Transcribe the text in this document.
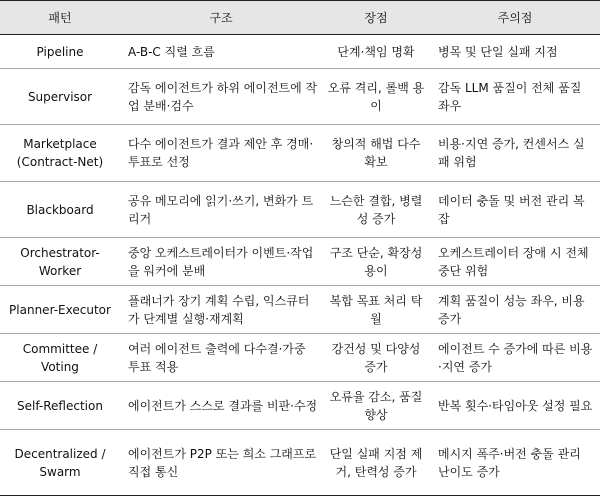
패턴	구조	장점	주의점
Pipeline	A-B-C 직렬 흐름	단계·책임 명확	병목 및 단일 실패 지점
Supervisor	감독 에이전트가 하위 에이전트에 작업 분배·검수	오류 격리, 롤백 용이	감독 LLM 품질이 전체 품질 좌우
Marketplace (Contract-Net)	다수 에이전트가 결과 제안 후 경매·투표로 선정	창의적 해법 다수 확보	비용·지연 증가, 컨센서스 실패 위험
Blackboard	공유 메모리에 읽기·쓰기, 변화가 트리거	느슨한 결합, 병렬성 증가	데이터 충돌 및 버전 관리 복잡
Orchestrator-Worker	중앙 오케스트레이터가 이벤트·작업을 워커에 분배	구조 단순, 확장성 용이	오케스트레이터 장애 시 전체 중단 위험
Planner-Executor	플래너가 장기 계획 수립, 익스큐터가 단계별 실행·재계획	복합 목표 처리 탁월	계획 품질이 성능 좌우, 비용 증가
Committee / Voting	여러 에이전트 출력에 다수결·가중 투표 적용	강건성 및 다양성 증가	에이전트 수 증가에 따른 비용·지연 증가
Self-Reflection	에이전트가 스스로 결과를 비판·수정	오류율 감소, 품질 향상	반복 횟수·타임아웃 설정 필요
Decentralized / Swarm	에이전트가 P2P 또는 희소 그래프로 직접 통신	단일 실패 지점 제거, 탄력성 증가	메시지 폭주·버전 충돌 관리 난이도 증가
